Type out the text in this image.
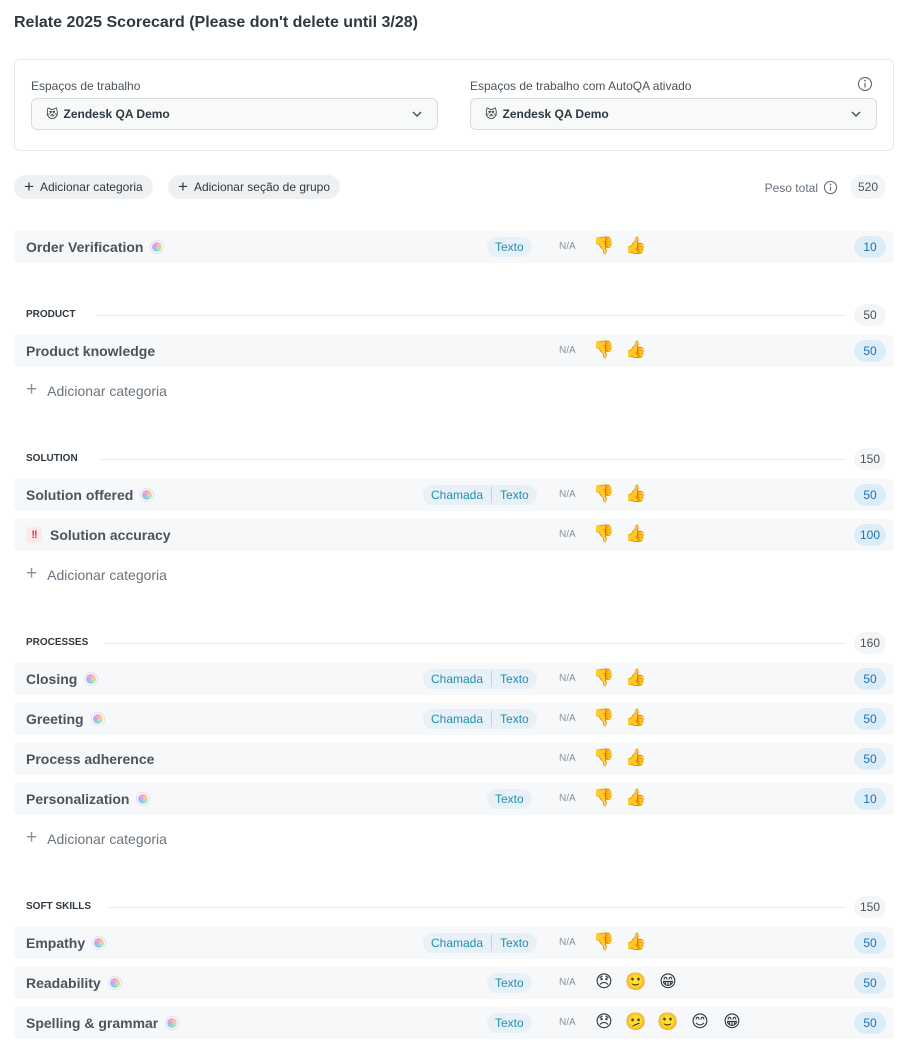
Relate 2025 Scorecard (Please don't delete until 3/28)
Espaços de trabalho
😻 Zendesk QA Demo
Espaços de trabalho com AutoQA ativado
😻 Zendesk QA Demo
+ Adicionar categoria + Adicionar seção de grupo	Peso total	520
Order Verification	Texto	N/A	👎 👍	10
PRODUCT	50
Product knowledge	N/A	👎 👍	50
+ Adicionar categoria
SOLUTION	150
Solution offered	Chamada	Texto	N/A	👎 👍	50
!! Solution accuracy	N/A	👎 👍	100
+ Adicionar categoria
PROCESSES	160
Closing	Chamada	Texto	N/A	👎 👍	50
Greeting	Chamada	Texto	N/A	👎 👍	50
Process adherence	N/A	👎 👍	50
Personalization	Texto	N/A	👎 👍	10
+ Adicionar categoria
SOFT SKILLS	150
Empathy	Chamada	Texto	N/A	👎 👍	50
Readability	Texto	N/A	😞 🙂 😁	50
Spelling & grammar	Texto	N/A	😞 🫤 🙂 😊 😁	50
